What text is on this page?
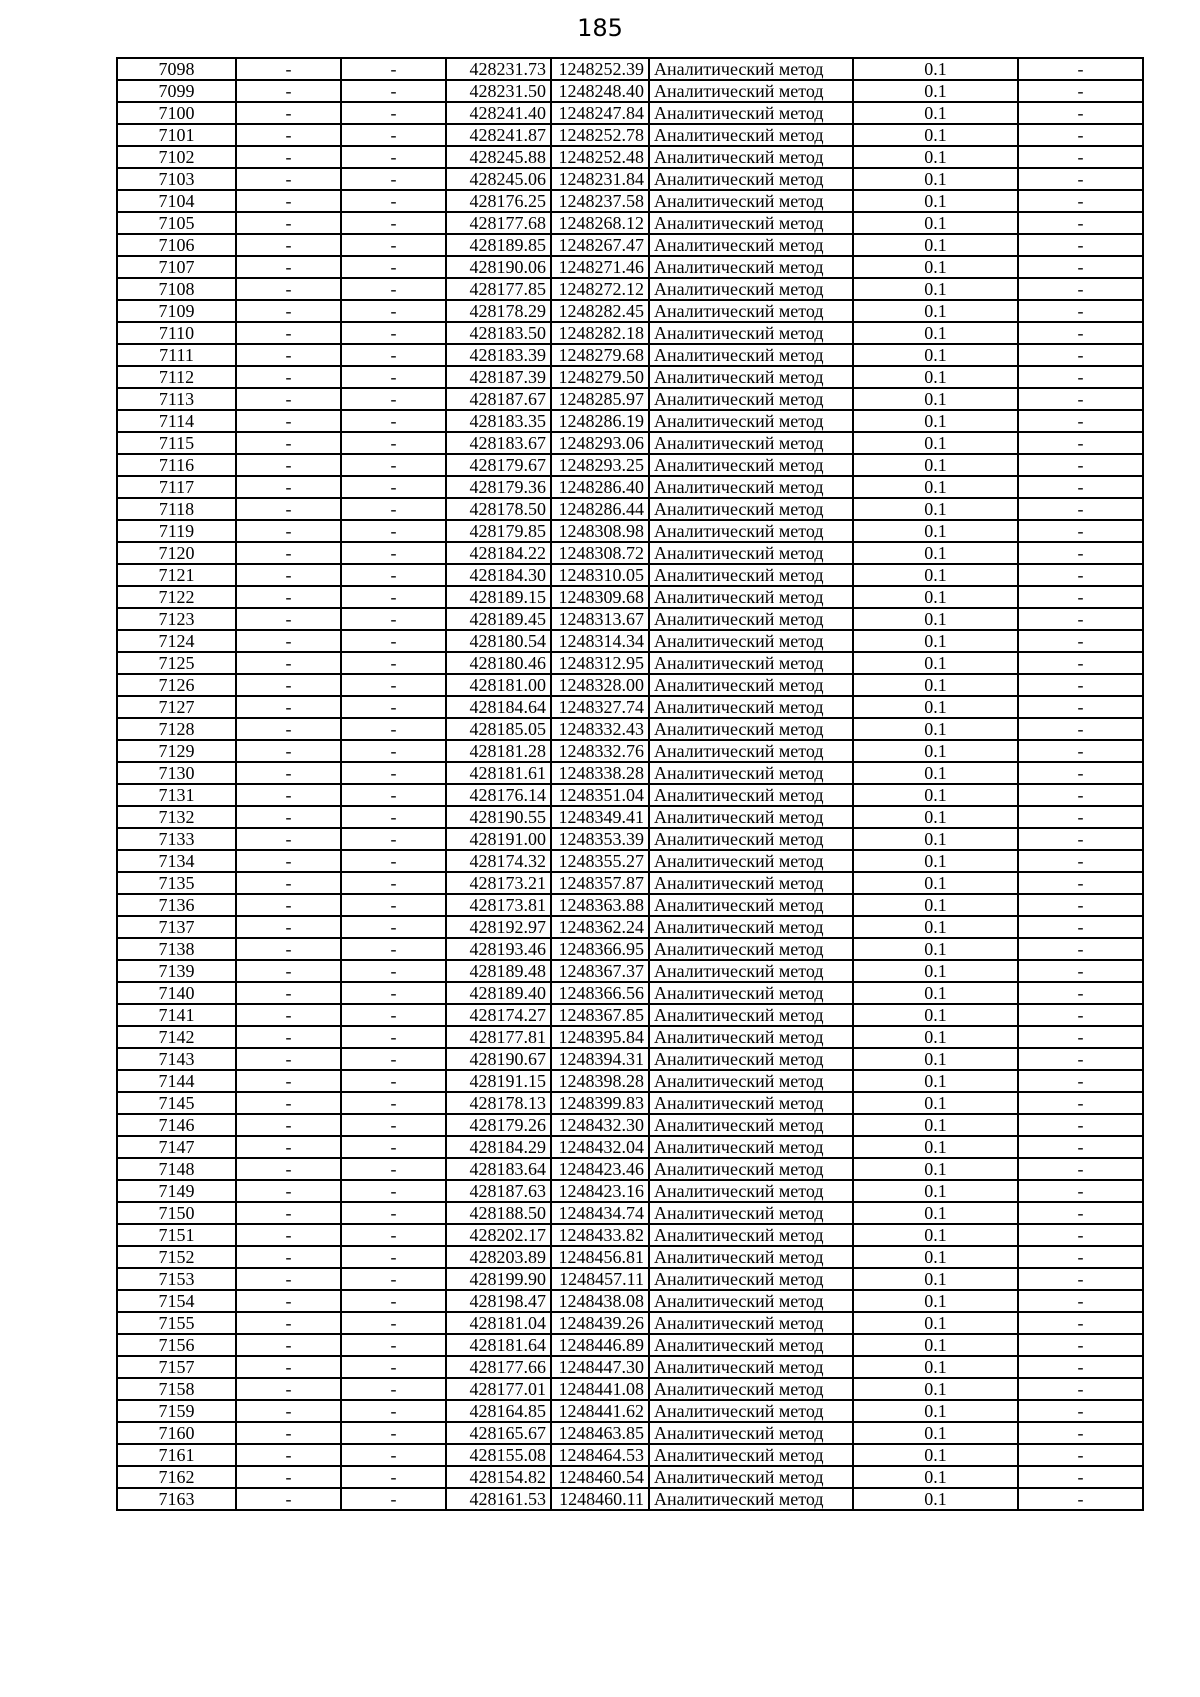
185
7098	-	-	428231.73	1248252.39	Аналитический метод	0.1	-
7099	-	-	428231.50	1248248.40	Аналитический метод	0.1	-
7100	-	-	428241.40	1248247.84	Аналитический метод	0.1	-
7101	-	-	428241.87	1248252.78	Аналитический метод	0.1	-
7102	-	-	428245.88	1248252.48	Аналитический метод	0.1	-
7103	-	-	428245.06	1248231.84	Аналитический метод	0.1	-
7104	-	-	428176.25	1248237.58	Аналитический метод	0.1	-
7105	-	-	428177.68	1248268.12	Аналитический метод	0.1	-
7106	-	-	428189.85	1248267.47	Аналитический метод	0.1	-
7107	-	-	428190.06	1248271.46	Аналитический метод	0.1	-
7108	-	-	428177.85	1248272.12	Аналитический метод	0.1	-
7109	-	-	428178.29	1248282.45	Аналитический метод	0.1	-
7110	-	-	428183.50	1248282.18	Аналитический метод	0.1	-
7111	-	-	428183.39	1248279.68	Аналитический метод	0.1	-
7112	-	-	428187.39	1248279.50	Аналитический метод	0.1	-
7113	-	-	428187.67	1248285.97	Аналитический метод	0.1	-
7114	-	-	428183.35	1248286.19	Аналитический метод	0.1	-
7115	-	-	428183.67	1248293.06	Аналитический метод	0.1	-
7116	-	-	428179.67	1248293.25	Аналитический метод	0.1	-
7117	-	-	428179.36	1248286.40	Аналитический метод	0.1	-
7118	-	-	428178.50	1248286.44	Аналитический метод	0.1	-
7119	-	-	428179.85	1248308.98	Аналитический метод	0.1	-
7120	-	-	428184.22	1248308.72	Аналитический метод	0.1	-
7121	-	-	428184.30	1248310.05	Аналитический метод	0.1	-
7122	-	-	428189.15	1248309.68	Аналитический метод	0.1	-
7123	-	-	428189.45	1248313.67	Аналитический метод	0.1	-
7124	-	-	428180.54	1248314.34	Аналитический метод	0.1	-
7125	-	-	428180.46	1248312.95	Аналитический метод	0.1	-
7126	-	-	428181.00	1248328.00	Аналитический метод	0.1	-
7127	-	-	428184.64	1248327.74	Аналитический метод	0.1	-
7128	-	-	428185.05	1248332.43	Аналитический метод	0.1	-
7129	-	-	428181.28	1248332.76	Аналитический метод	0.1	-
7130	-	-	428181.61	1248338.28	Аналитический метод	0.1	-
7131	-	-	428176.14	1248351.04	Аналитический метод	0.1	-
7132	-	-	428190.55	1248349.41	Аналитический метод	0.1	-
7133	-	-	428191.00	1248353.39	Аналитический метод	0.1	-
7134	-	-	428174.32	1248355.27	Аналитический метод	0.1	-
7135	-	-	428173.21	1248357.87	Аналитический метод	0.1	-
7136	-	-	428173.81	1248363.88	Аналитический метод	0.1	-
7137	-	-	428192.97	1248362.24	Аналитический метод	0.1	-
7138	-	-	428193.46	1248366.95	Аналитический метод	0.1	-
7139	-	-	428189.48	1248367.37	Аналитический метод	0.1	-
7140	-	-	428189.40	1248366.56	Аналитический метод	0.1	-
7141	-	-	428174.27	1248367.85	Аналитический метод	0.1	-
7142	-	-	428177.81	1248395.84	Аналитический метод	0.1	-
7143	-	-	428190.67	1248394.31	Аналитический метод	0.1	-
7144	-	-	428191.15	1248398.28	Аналитический метод	0.1	-
7145	-	-	428178.13	1248399.83	Аналитический метод	0.1	-
7146	-	-	428179.26	1248432.30	Аналитический метод	0.1	-
7147	-	-	428184.29	1248432.04	Аналитический метод	0.1	-
7148	-	-	428183.64	1248423.46	Аналитический метод	0.1	-
7149	-	-	428187.63	1248423.16	Аналитический метод	0.1	-
7150	-	-	428188.50	1248434.74	Аналитический метод	0.1	-
7151	-	-	428202.17	1248433.82	Аналитический метод	0.1	-
7152	-	-	428203.89	1248456.81	Аналитический метод	0.1	-
7153	-	-	428199.90	1248457.11	Аналитический метод	0.1	-
7154	-	-	428198.47	1248438.08	Аналитический метод	0.1	-
7155	-	-	428181.04	1248439.26	Аналитический метод	0.1	-
7156	-	-	428181.64	1248446.89	Аналитический метод	0.1	-
7157	-	-	428177.66	1248447.30	Аналитический метод	0.1	-
7158	-	-	428177.01	1248441.08	Аналитический метод	0.1	-
7159	-	-	428164.85	1248441.62	Аналитический метод	0.1	-
7160	-	-	428165.67	1248463.85	Аналитический метод	0.1	-
7161	-	-	428155.08	1248464.53	Аналитический метод	0.1	-
7162	-	-	428154.82	1248460.54	Аналитический метод	0.1	-
7163	-	-	428161.53	1248460.11	Аналитический метод	0.1	-
